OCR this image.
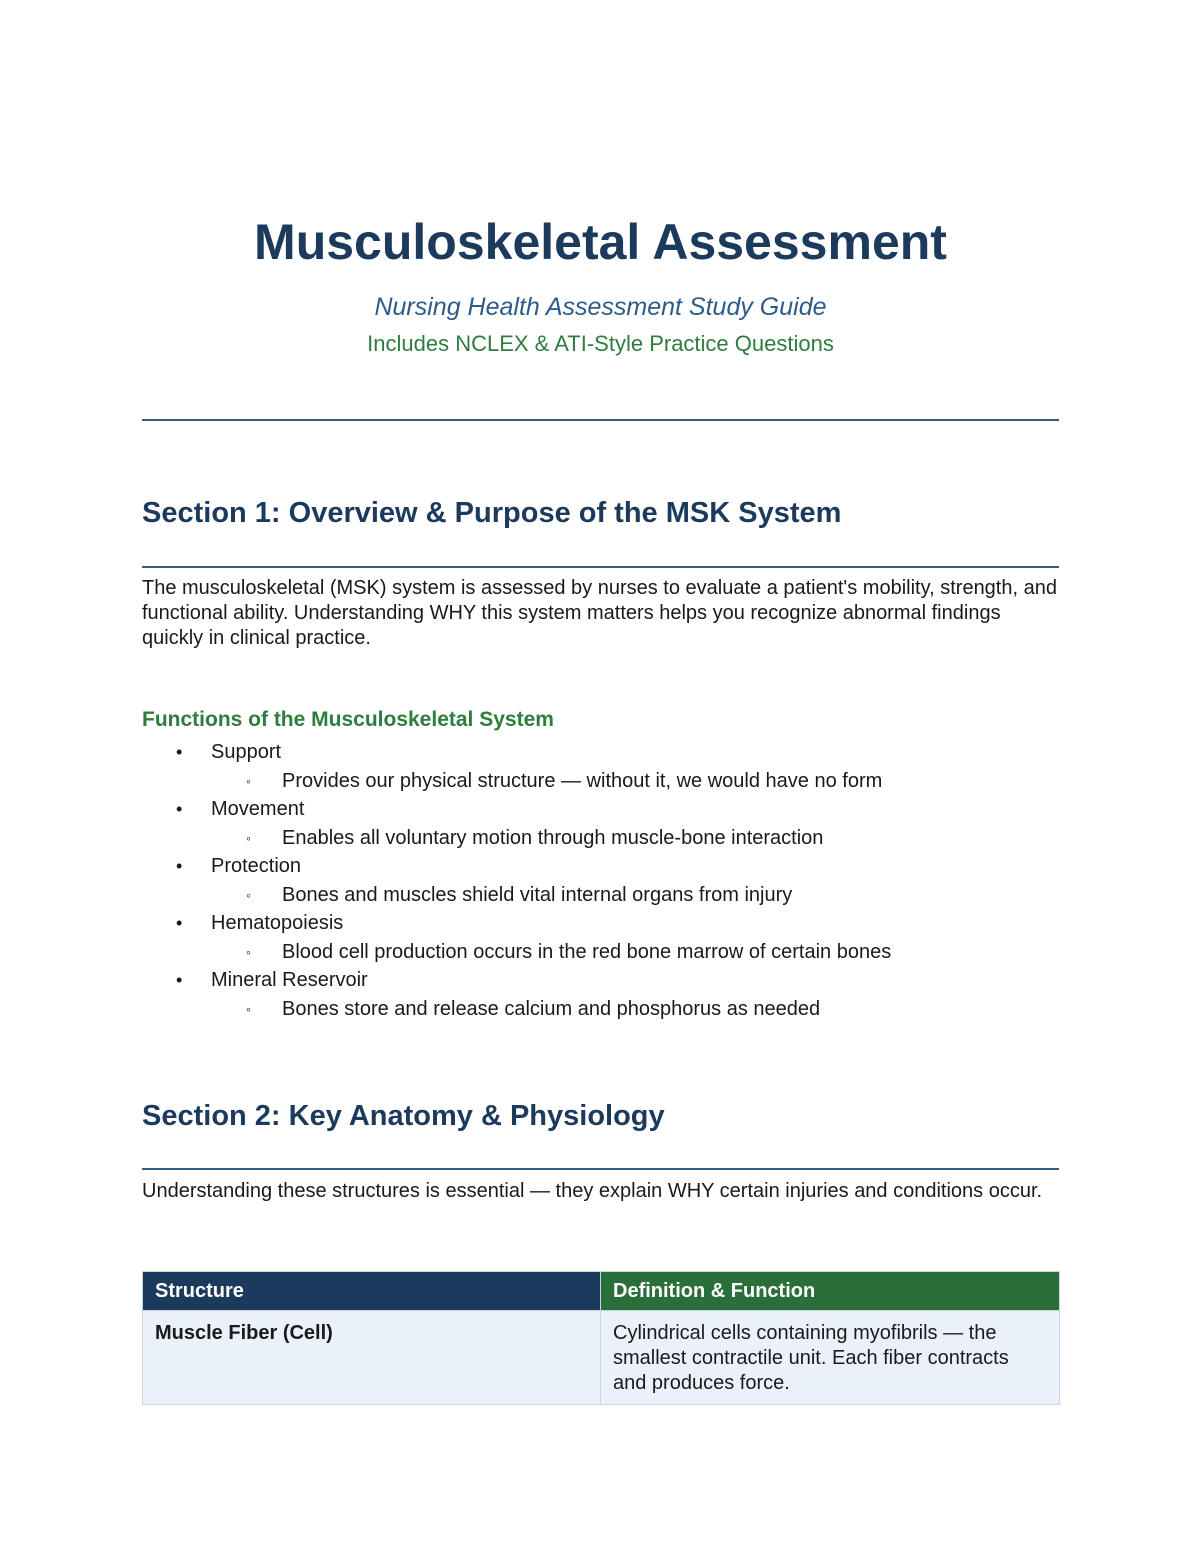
Musculoskeletal Assessment
Nursing Health Assessment Study Guide
Includes NCLEX & ATI-Style Practice Questions
Section 1: Overview & Purpose of the MSK System

The musculoskeletal (MSK) system is assessed by nurses to evaluate a patient's mobility, strength, and functional ability. Understanding WHY this system matters helps you recognize abnormal findings quickly in clinical practice.

Functions of the Musculoskeletal System
• Support
◦ Provides our physical structure — without it, we would have no form
• Movement
◦ Enables all voluntary motion through muscle-bone interaction
• Protection
◦ Bones and muscles shield vital internal organs from injury
• Hematopoiesis
◦ Blood cell production occurs in the red bone marrow of certain bones
• Mineral Reservoir
◦ Bones store and release calcium and phosphorus as needed
Section 2: Key Anatomy & Physiology

Understanding these structures is essential — they explain WHY certain injuries and conditions occur.

Structure	Definition & Function
Muscle Fiber (Cell)	Cylindrical cells containing myofibrils — the smallest contractile unit. Each fiber contracts and produces force.
